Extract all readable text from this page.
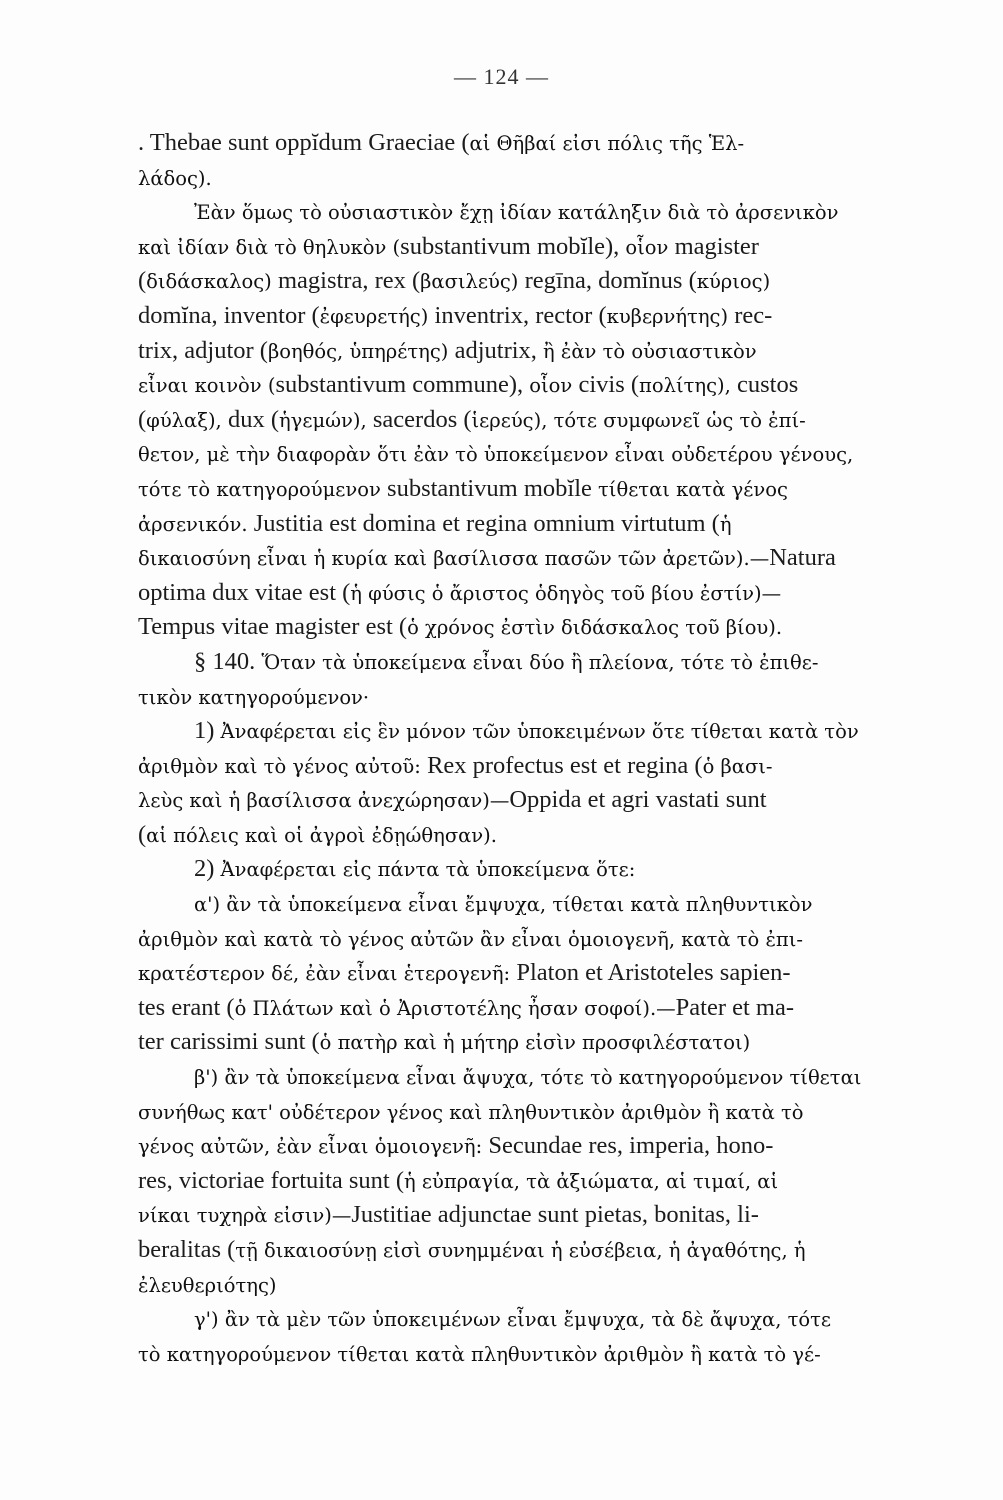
— 124 —
. Thebae sunt oppĭdum Graeciae (αἱ Θῆβαί εἰσι πόλις τῆς Ἑλ-
λάδος).
Ἐὰν ὅμως τὸ οὐσιαστικὸν ἔχῃ ἰδίαν κατάληξιν διὰ τὸ ἀρσενικὸν
καὶ ἰδίαν διὰ τὸ θηλυκὸν (substantivum mobĭle), οἷον magister
(διδάσκαλος) magistra, rex (βασιλεύς) regīna, domĭnus (κύριος)
domĭna, inventor (ἐφευρετής) inventrix, rector (κυβερνήτης) rec-
trix, adjutor (βοηθός, ὑπηρέτης) adjutrix, ἢ ἐὰν τὸ οὐσιαστικὸν
εἶναι κοινὸν (substantivum commune), οἷον civis (πολίτης), custos
(φύλαξ), dux (ἡγεμών), sacerdos (ἱερεύς), τότε συμφωνεῖ ὡς τὸ ἐπί-
θετον, μὲ τὴν διαφορὰν ὅτι ἐὰν τὸ ὑποκείμενον εἶναι οὐδετέρου γένους,
τότε τὸ κατηγορούμενον substantivum mobĭle τίθεται κατὰ γένος
ἀρσενικόν. Justitia est domina et regina omnium virtutum (ἡ
δικαιοσύνη εἶναι ἡ κυρία καὶ βασίλισσα πασῶν τῶν ἀρετῶν).—Natura
optima dux vitae est (ἡ φύσις ὁ ἄριστος ὁδηγὸς τοῦ βίου ἐστίν)—
Tempus vitae magister est (ὁ χρόνος ἐστὶν διδάσκαλος τοῦ βίου).
§ 140. Ὅταν τὰ ὑποκείμενα εἶναι δύο ἢ πλείονα, τότε τὸ ἐπιθε-
τικὸν κατηγορούμενον·
1) Ἀναφέρεται εἰς ἓν μόνον τῶν ὑποκειμένων ὅτε τίθεται κατὰ τὸν
ἀριθμὸν καὶ τὸ γένος αὐτοῦ: Rex profectus est et regina (ὁ βασι-
λεὺς καὶ ἡ βασίλισσα ἀνεχώρησαν)—Oppida et agri vastati sunt
(αἱ πόλεις καὶ οἱ ἀγροὶ ἐδῃώθησαν).
2) Ἀναφέρεται εἰς πάντα τὰ ὑποκείμενα ὅτε:
α') ἂν τὰ ὑποκείμενα εἶναι ἔμψυχα, τίθεται κατὰ πληθυντικὸν
ἀριθμὸν καὶ κατὰ τὸ γένος αὐτῶν ἂν εἶναι ὁμοιογενῆ, κατὰ τὸ ἐπι-
κρατέστερον δέ, ἐὰν εἶναι ἑτερογενῆ: Platon et Aristoteles sapien-
tes erant (ὁ Πλάτων καὶ ὁ Ἀριστοτέλης ἦσαν σοφοί).—Pater et ma-
ter carissimi sunt (ὁ πατὴρ καὶ ἡ μήτηρ εἰσὶν προσφιλέστατοι)
β') ἂν τὰ ὑποκείμενα εἶναι ἄψυχα, τότε τὸ κατηγορούμενον τίθεται
συνήθως κατ' οὐδέτερον γένος καὶ πληθυντικὸν ἀριθμὸν ἢ κατὰ τὸ
γένος αὐτῶν, ἐὰν εἶναι ὁμοιογενῆ: Secundae res, imperia, hono-
res, victoriae fortuita sunt (ἡ εὐπραγία, τὰ ἀξιώματα, αἱ τιμαί, αἱ
νίκαι τυχηρὰ εἰσιν)—Justitiae adjunctae sunt pietas, bonitas, li-
beralitas (τῇ δικαιοσύνῃ εἰσὶ συνημμέναι ἡ εὐσέβεια, ἡ ἀγαθότης, ἡ
ἐλευθεριότης)
γ') ἂν τὰ μὲν τῶν ὑποκειμένων εἶναι ἔμψυχα, τὰ δὲ ἄψυχα, τότε
τὸ κατηγορούμενον τίθεται κατὰ πληθυντικὸν ἀριθμὸν ἢ κατὰ τὸ γέ-
